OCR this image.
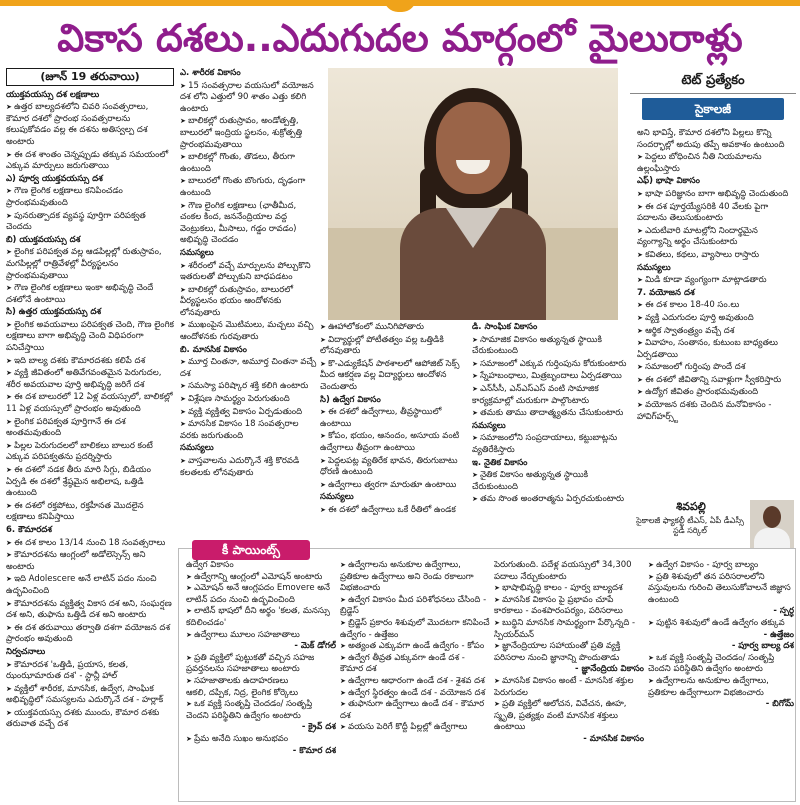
వికాస దశలు..ఎదుగుదల మార్గంలో మైలురాళ్లు
(జూన్ 19 తరువాయి)

యుక్తవయస్సు దశ లక్షణాలు

➤ ఉత్తర బాల్యదశలోని చివరి సంవత్సరాలు, కౌమార దశలో ప్రారంభ సంవత్సరాలను కలుపుకోవడం వల్ల ఈ దశను అతిస్వల్ప దశ అంటారు

➤ ఈ దశ శాంతం చెన్నప్పుడు తక్కువ సమయంలో ఎక్కువ మార్పులు జరుగుతాయి

ఎ) పూర్వ యుక్తవయస్సు దశ

➤ గౌణ లైంగిక లక్షణాలు కనిపించడం ప్రారంభమవుతుంది

➤ పునరుత్పాదక వ్యవస్థ పూర్తిగా పరిపక్వత చెందదు

బి) యుక్తవయస్సు దశ

➤ లైంగిక పరిపక్వత వల్ల ఆడపిల్లల్లో రుతుస్రావం, మగపిల్లల్లో రాత్రివేళల్లో వీర్యస్ఖలనం ప్రారంభమవుతాయి

➤ గౌణ లైంగిక లక్షణాలు ఇంకా అభివృద్ధి చెందే దశలోనే ఉంటాయి

సి) ఉత్తర యుక్తవయస్సు దశ

➤ లైంగిక అవయవాలు పరిపక్వత చెంది, గౌణ లైంగిక లక్షణాలు బాగా అభివృద్ధి చెంది విధిపరంగా పనిచేస్తాయి

➤ ఇది బాల్య దశకు కౌమారదశకు కలిపే దశ

➤ వ్యక్తి జీవితంలో అతివేగవంతమైన పెరుగుదల, శరీర అవయవాల పూర్తి అభివృద్ధి జరిగే దశ

➤ ఈ దశ బాలురలో 12 ఏళ్ల వయస్సులో, బాలికల్లో 11 ఏళ్ల వయస్సులో ప్రారంభం అవుతుంది

➤ లైంగిక పరిపక్వత పూర్తిగానే ఈ దశ అంతమవుతుంది

➤ పిల్లల పెరుగుదలలో బాలికలు బాలుర కంటే ఎక్కువ పరిపక్వతను ప్రదర్శిస్తారు

➤ ఈ దశలో నడక తీరు మారి సిగ్గు, బిడియం ఏర్పడి ఈ దశలో శ్రేష్ఠమైన అభిలాష, ఒత్తిడి ఉంటుంది

➤ ఈ దశలో రక్తపోటు, రక్తహీనత మొదలైన లక్షణాలు కనిపిస్తాయి

6. కౌమారదశ

➤ ఈ దశ కాలం 13/14 నుంచి 18 సంవత్సరాలు

➤ కౌమారదశను ఆంగ్లంలో అడోలెస్సెన్స్ అని అంటారు

➤ ఇది Adolescere అనే లాటిన్ పదం నుంచి ఉద్భవించింది

➤ కౌమారదశను వ్యక్తిత్వ వికాస దశ అని, సంఘర్షణ దశ అని, తుఫాను ఒత్తిడి దశ అని అంటారు

➤ ఈ దశ తరువాయి తర్వాతి దశగా వయోజన దశ ప్రారంభం అవుతుంది

నిర్వచనాలు

➤ కౌమారదశ 'ఒత్తిడి, ప్రయాస, కలత, ఝంఝామారుత దశ' - స్టాన్లీ హాల్

➤ వ్యక్తిలో శారీరక, మానసిక, ఉద్వేగ, సాంఘిక అభివృద్ధిలో సమస్యలను ఎదుర్కొనే దశ - హర్లాక్

➤ యుక్తవయస్సు దశకు ముందు, కౌమార దశకు తరువాత వచ్చే దశ

ఎ. శారీరక వికాసం

➤ 15 సంవత్సరాల వయసులో వయోజన దశ లోని ఎత్తులో 90 శాతం ఎత్తు కలిగి ఉంటారు

➤ బాలికల్లో రుతుస్రావం, అండోత్పత్తి, బాలురలో ఇంద్రియ స్ఖలనం, శుక్రోత్పత్తి ప్రారంభమవుతాయి

➤ బాలికల్లో గొంతు, తొడలు, తీరుగా ఉంటుంది

➤ బాలురలో గొంతు బొంగురు, దృఢంగా ఉంటుంది

➤ గౌణ లైంగిక లక్షణాలు (ఛాతీమీద, చంకల కింద, జననేంద్రియాల వద్ద వెంట్రుకలు, మీసాలు, గడ్డం రావడం) అభివృద్ధి చెందడం

సమస్యలు

➤ శరీరంలో వచ్చే మార్పులను పోల్చుకొని ఇతరులతో పోల్చుకుని బాధపడటం

➤ బాలికల్లో రుతుస్రావం, బాలురలో వీర్యస్ఖలనం భయం ఆందోళనకు లోనవుతారు

➤ ముఖంపైన మొటిమలు, మచ్చలు వచ్చి ఆందోళనకు గురవుతారు

బి. మానసిక వికాసం

➤ మూర్త చింతనా, అమూర్త చింతనా వచ్చే దశ

➤ సమస్యా పరిష్కార శక్తి కలిగి ఉంటారు

➤ విశ్లేషణ సామర్థ్యం పెరుగుతుంది

➤ వ్యక్తి వ్యక్తిత్వ వికాసం ఏర్పడుతుంది

➤ మానసిక వికాసం 18 సంవత్సరాల వరకు జరుగుతుంది

సమస్యలు

➤ వాస్తవాలను ఎదుర్కొనే శక్తి కొరవడి కలతలకు లోనవుతారు

టెట్ ప్రత్యేకం
సైకాలజీ

➤ ఊహాలోకంలో మునిగిపోతారు

➤ విద్యార్థుల్లో పోటీతత్వం వల్ల ఒత్తిడికి లోనవుతారు

➤ కొ-ఎడ్యుకేషన్ పాఠశాలలో ఆపోజిట్ సెక్స్ మీద ఆకర్షణ వల్ల విద్యార్థులు ఆందోళన చెందుతారు

సి) ఉద్వేగ వికాసం

➤ ఈ దశలో ఉద్వేగాలు, తీవ్రస్థాయిలో ఉంటాయి

➤ కోపం, భయం, ఆనందం, అసూయ వంటి ఉద్వేగాలు తీవ్రంగా ఉంటాయి

➤ పెద్దలపట్ల వ్యతిరేక భావన, తిరుగుబాటు ధోరణి ఉంటుంది

➤ ఉద్వేగాలు త్వరగా మారుతూ ఉంటాయి

సమస్యలు

➤ ఈ దశలో ఉద్వేగాలు ఒకే రీతిలో ఉండక

డి. సాంఘిక వికాసం

➤ సామాజిక వికాసం అత్యున్నత స్థాయికి చేరుకుంటుంది

➤ సమాజంలో ఎక్కువ గుర్తింపును కోరుకుంటారు

➤ స్నేహబంధాలు, మిత్రబృందాలు ఏర్పడతాయి

➤ ఎన్‌సీసీ, ఎన్‌ఎస్‌ఎస్ వంటి సామాజిక కార్యక్రమాల్లో చురుకుగా పాల్గొంటారు

➤ తమకు తాము తాదాత్మ్యతను చేసుకుంటారు

సమస్యలు

➤ సమాజంలోని సంప్రదాయాలు, కట్టుబాట్లను వ్యతిరేకిస్తారు

ఇ. నైతిక వికాసం

➤ నైతిక వికాసం అత్యున్నత స్థాయికి చేరుకుంటుంది

➤ తమ సొంత అంతరాత్మను ఏర్పరచుకుంటారు

అని భావిస్తే, కౌమార దశలోని పిల్లలు కొన్ని సందర్భాల్లో అదుపు తప్పే అవకాశం ఉంటుంది

➤ పెద్దలు బోధించిన నీతి నియమాలను ఉల్లంఘిస్తారు

ఎఫ్) భాషా వికాసం

➤ భాషా పరిజ్ఞానం బాగా అభివృద్ధి చెందుతుంది

➤ ఈ దశ పూర్తయ్యేసరికి 40 వేలకు పైగా పదాలను తెలుసుకుంటారు

➤ ఎదుటివారి మాటల్లోని నిందార్థమైన వ్యంగ్యాన్ని అర్థం చేసుకుంటారు

➤ కవితలు, కథలు, వ్యాసాలు రాస్తారు

సమస్యలు

➤ మిడి కూడా వ్యంగ్యంగా మాట్లాడతారు

7. వయోజన దశ

➤ ఈ దశ కాలం 18-40 సం.లు

➤ వ్యక్తి ఎదుగుదల పూర్తి అవుతుంది

➤ ఆర్థిక స్వాతంత్ర్యం వచ్చే దశ

➤ వివాహం, సంతానం, కుటుంబ బాధ్యతలు ఏర్పడతాయి

➤ సమాజంలో గుర్తింపు పొందే దశ

➤ ఈ దశలో జీవితాన్ని సవాళ్లుగా స్వీకరిస్తారు

➤ ఉద్యోగ జీవితం ప్రారంభమవుతుంది

➤ వయోజన దశకు చెందిన మనోవికాసం - హావిగ్‌హర్స్ట్

శివపల్లి
సైకాలజీ ఫ్యాకల్టీ టీఎస్, ఏపీ డీఎస్సీ స్టడీ సర్కిల్
కీ పాయింట్స్

ఉద్వేగ వికాసం

➤ ఉద్వేగాన్ని ఆంగ్లంలో ఎమోషన్ అంటారు

➤ ఎమోషన్ అనే ఆంగ్లపదం Emovere అనే లాటిన్ పదం నుంచి ఉద్భవించింది

➤ లాటిన్ భాషలో దీని అర్థం 'కలత, మనస్సు కదిలించడం'

➤ ఉద్వేగాలు మూలం సహజాతాలు

- మెక్ డోగల్

➤ ప్రతి వ్యక్తిలో పుట్టుకతో వచ్చిన సహజ ప్రవర్తనలను సహజాతాలు అంటారు

➤ సహజాతాలకు ఉదాహరణలు

ఆకలి, దప్పిక, నిద్ర, లైంగిక కోర్కెలు

➤ ఒక వ్యక్తి సంతృప్తి చెందడం/ సంతృప్తి చెందని పరిస్థితిని ఉద్వేగం అంటారు

- క్రైవ్ దశ

➤ ప్రేమ అనేది సుఖం అనుభవం

- కొమార దశ

➤ ఉద్వేగాలను అనుకూల ఉద్వేగాలు, ప్రతికూల ఉద్వేగాలు అని రెండు రకాలుగా విభజించారు

➤ ఉద్వేగ వికాసం మీద పరిశోధనలు చేసింది - బ్రిడ్జెస్

➤ బ్రిడ్జెస్ ప్రకారం శిశువులో మొదటగా కనిపించే ఉద్వేగం - ఉత్తేజం

➤ అత్యంత ఎక్కువగా ఉండే ఉద్వేగం - కోపం

➤ ఉద్వేగ తీవ్రత ఎక్కువగా ఉండే దశ - కౌమార దశ

➤ ఉద్వేగాల ఆధారంగా ఉండే దశ - శైశవ దశ

➤ ఉద్వేగ స్థిరత్వం ఉండే దశ - వయోజన దశ

➤ తుఫానుగా ఉద్వేగాలు ఉండే దశ - కౌమార దశ

➤ వయసు పెరిగే కొద్దీ పిల్లల్లో ఉద్వేగాలు

పెరుగుతుంది. పదేళ్ల వయస్సులో 34,300 పదాలు నేర్చుకుంటారు

➤ భాషాభివృద్ధి కాలం - పూర్వ బాల్యదశ

➤ మానసిక వికాసం పై ప్రభావం చూపే కారకాలు - వంశపారంపర్యం, పరిసరాలు

➤ బుద్ధిని మానసిక సామర్థ్యంగా పేర్కొన్నది - స్పియర్‌మన్

➤ జ్ఞానేంద్రియాల సహాయంతో ప్రతి వ్యక్తి పరిసరాల నుంచి జ్ఞానాన్ని పొందుతాడు

- జ్ఞానేంద్రియ వికాసం

➤ మానసిక వికాసం అంటే - మానసిక శక్తుల పెరుగుదల

➤ ప్రతి వ్యక్తిలో ఆలోచన, వివేచన, ఊహ, స్మృతి, ప్రత్యక్షం వంటి మానసిక శక్తులు ఉంటాయి

- మానసిక వికాసం

➤ ఉద్వేగ వికాసం - పూర్వ బాల్యం

➤ ప్రతి శిశువులో తన పరిసరాలలోని వస్తువులను గురించి తెలుసుకోవాలనే జిజ్ఞాస ఉంటుంది

- స్పర్ధ

➤ పుట్టిన శిశువులో ఉండే ఉద్వేగం తక్కువ

- ఉత్తేజం

- పూర్వ బాల్య దశ

➤ ఒక వ్యక్తి సంతృప్తి చెందడం/ సంతృప్తి చెందని పరిస్థితిని ఉద్వేగం అంటారు

➤ ఉద్వేగాలను అనుకూల ఉద్వేగాలు, ప్రతికూల ఉద్వేగాలుగా విభజించారు

- బిగోమ్‌
